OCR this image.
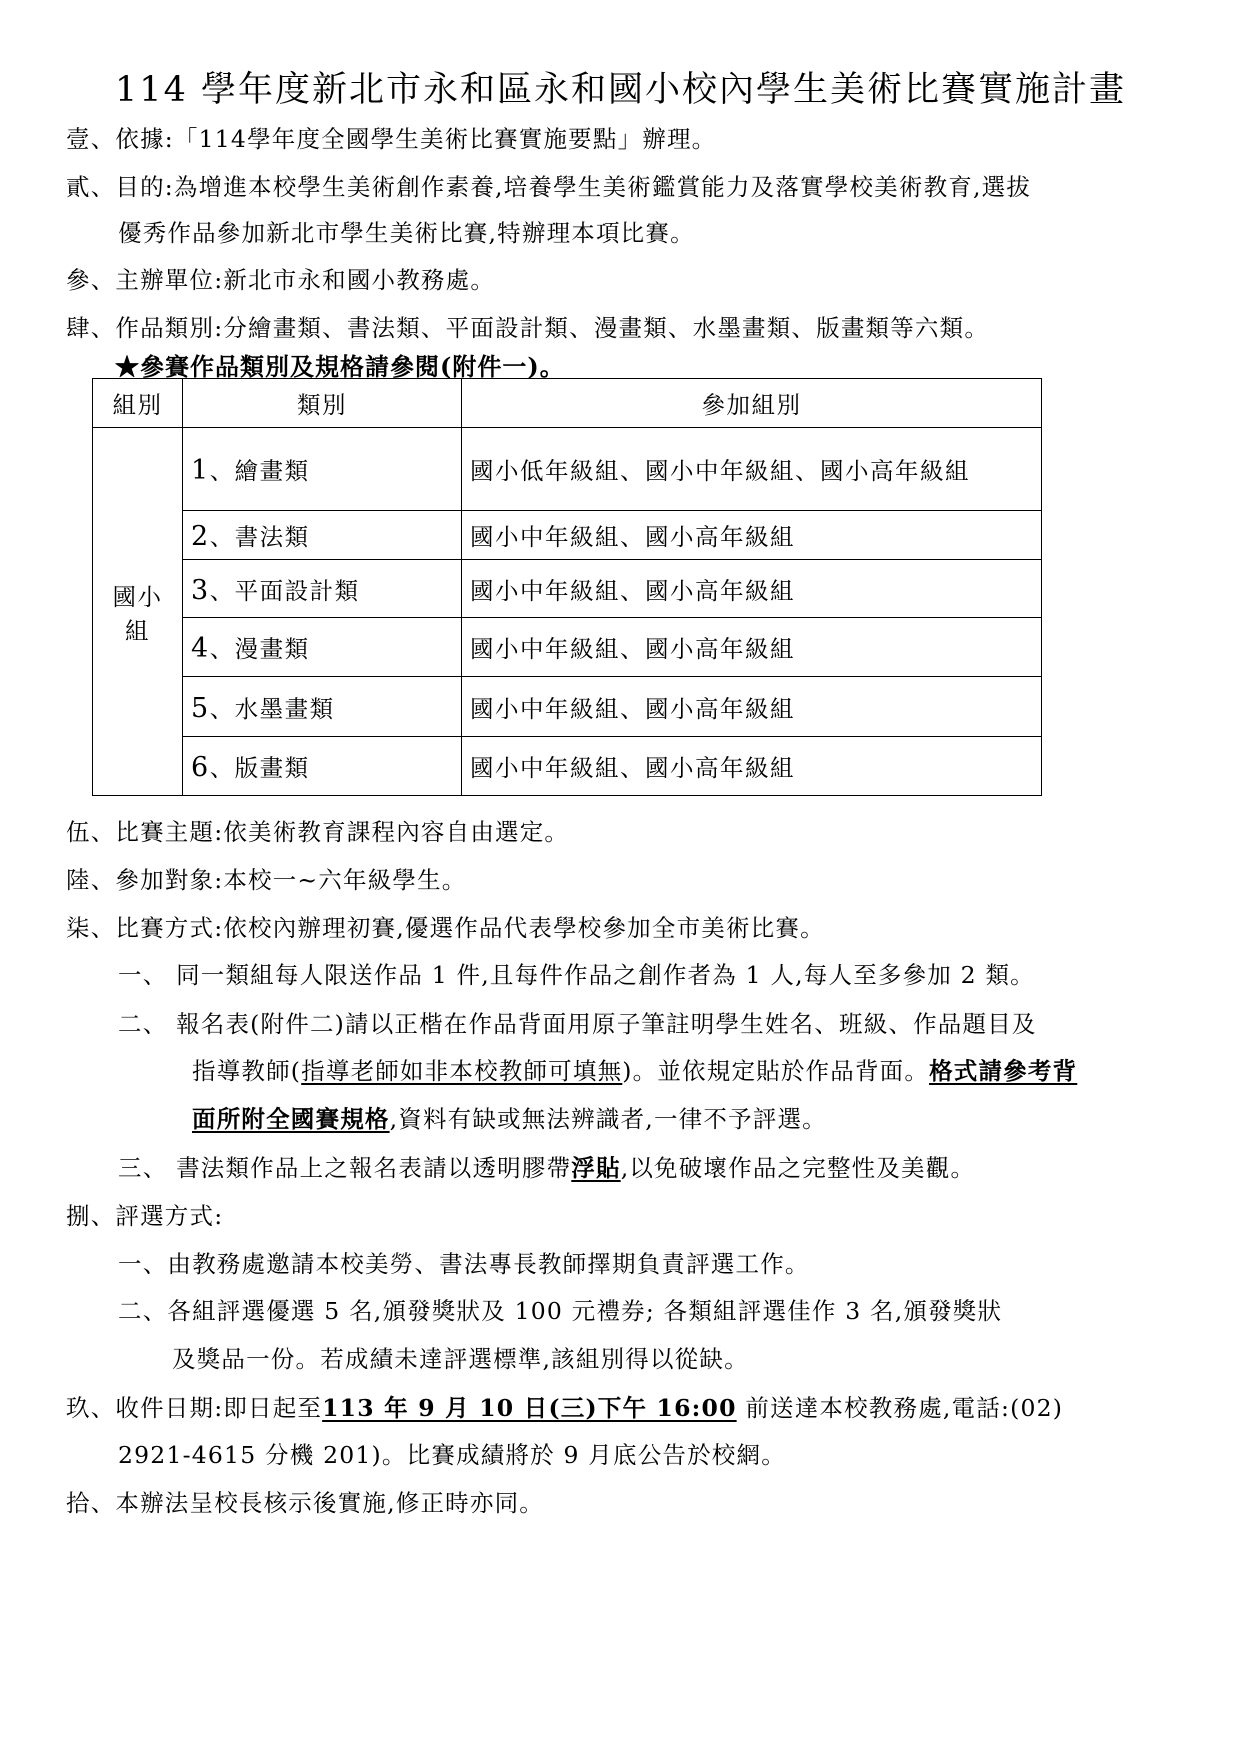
114 學年度新北市永和區永和國小校內學生美術比賽實施計畫
壹、依據:「114學年度全國學生美術比賽實施要點」辦理。
貳、目的:為增進本校學生美術創作素養,培養學生美術鑑賞能力及落實學校美術教育,選拔
優秀作品參加新北市學生美術比賽,特辦理本項比賽。
參、主辦單位:新北市永和國小教務處。
肆、作品類別:分繪畫類、書法類、平面設計類、漫畫類、水墨畫類、版畫類等六類。
★參賽作品類別及規格請參閱(附件一)。
組別	類別	參加組別
國小組	1、繪畫類	國小低年級組、國小中年級組、國小高年級組
	2、書法類	國小中年級組、國小高年級組
	3、平面設計類	國小中年級組、國小高年級組
	4、漫畫類	國小中年級組、國小高年級組
	5、水墨畫類	國小中年級組、國小高年級組
	6、版畫類	國小中年級組、國小高年級組
伍、比賽主題:依美術教育課程內容自由選定。
陸、參加對象:本校一~六年級學生。
柒、比賽方式:依校內辦理初賽,優選作品代表學校參加全市美術比賽。
一、 同一類組每人限送作品 1 件,且每件作品之創作者為 1 人,每人至多參加 2 類。
二、 報名表(附件二)請以正楷在作品背面用原子筆註明學生姓名、班級、作品題目及
指導教師(指導老師如非本校教師可填無)。並依規定貼於作品背面。格式請參考背
面所附全國賽規格,資料有缺或無法辨識者,一律不予評選。
三、 書法類作品上之報名表請以透明膠帶浮貼,以免破壞作品之完整性及美觀。
捌、評選方式:
一、由教務處邀請本校美勞、書法專長教師擇期負責評選工作。
二、各組評選優選 5 名,頒發獎狀及 100 元禮券; 各類組評選佳作 3 名,頒發獎狀
及獎品一份。若成績未達評選標準,該組別得以從缺。
玖、收件日期:即日起至113 年 9 月 10 日(三)下午 16:00 前送達本校教務處,電話:(02)
2921-4615 分機 201)。比賽成績將於 9 月底公告於校網。
拾、本辦法呈校長核示後實施,修正時亦同。
